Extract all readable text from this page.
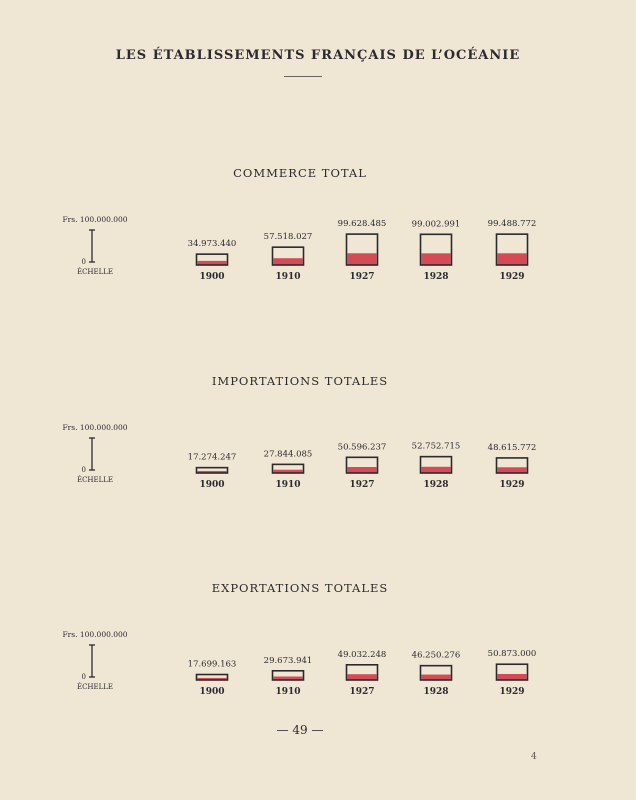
LES ÉTABLISSEMENTS FRANÇAIS DE L’OCÉANIE
COMMERCE TOTAL
Frs. 100.000.000
0
ÉCHELLE
34.973.440
1900
57.518.027
1910
99.628.485
1927
99.002.991
1928
99.488.772
1929
IMPORTATIONS TOTALES
Frs. 100.000.000
0
ÉCHELLE
17.274.247
1900
27.844.085
1910
50.596.237
1927
52.752.715
1928
48.615.772
1929
EXPORTATIONS TOTALES
Frs. 100.000.000
0
ÉCHELLE
17.699.163
1900
29.673.941
1910
49.032.248
1927
46.250.276
1928
50.873.000
1929
— 49 —
4
